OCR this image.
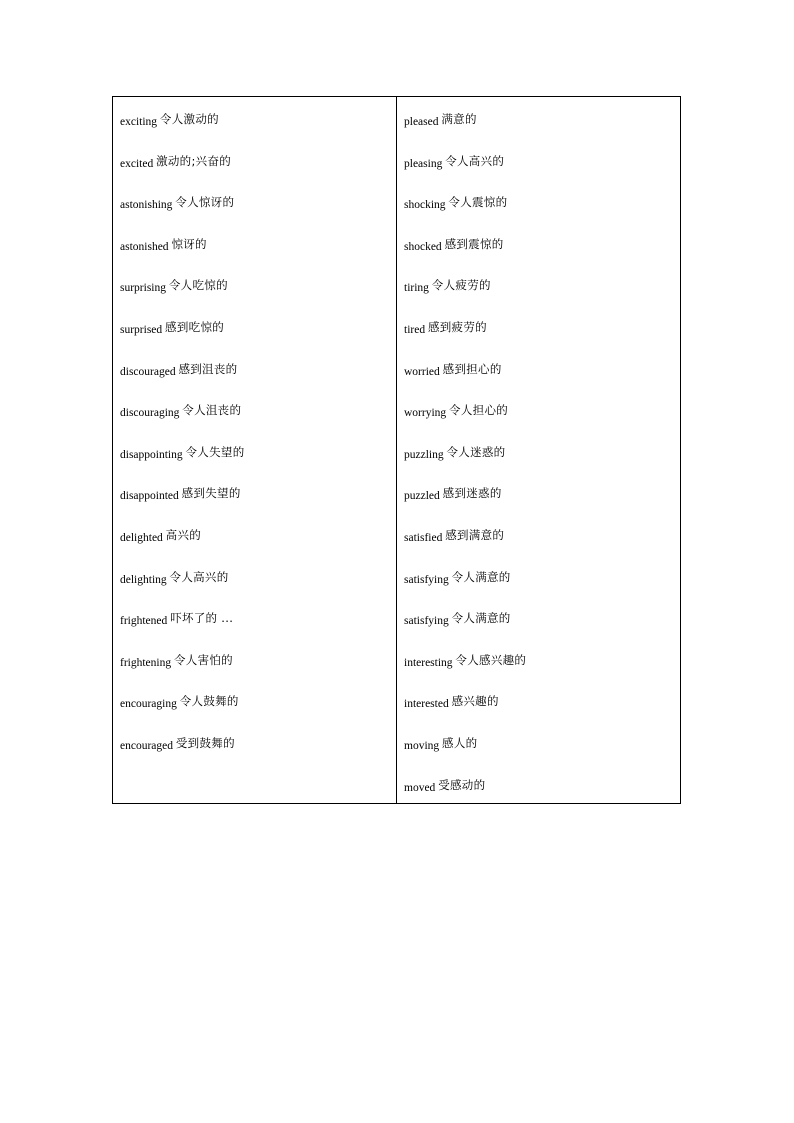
exciting 令人激动的
excited 激动的;兴奋的
astonishing 令人惊讶的
astonished 惊讶的
surprising 令人吃惊的
surprised 感到吃惊的
discouraged 感到沮丧的
discouraging 令人沮丧的
disappointing 令人失望的
disappointed 感到失望的
delighted 高兴的
delighting 令人高兴的
frightened 吓坏了的 ...
frightening 令人害怕的
encouraging 令人鼓舞的
encouraged 受到鼓舞的
pleased 满意的
pleasing 令人高兴的
shocking 令人震惊的
shocked 感到震惊的
tiring 令人疲劳的
tired 感到疲劳的
worried 感到担心的
worrying 令人担心的
puzzling 令人迷惑的
puzzled 感到迷惑的
satisfied 感到满意的
satisfying 令人满意的
satisfying 令人满意的
interesting 令人感兴趣的
interested 感兴趣的
moving 感人的
moved 受感动的
